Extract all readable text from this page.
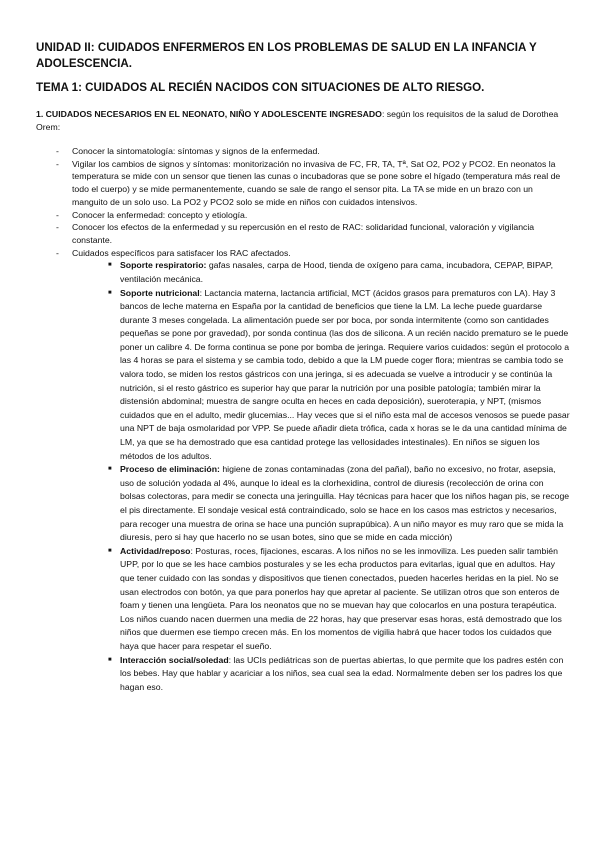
UNIDAD II: CUIDADOS ENFERMEROS EN LOS PROBLEMAS DE SALUD EN LA INFANCIA Y ADOLESCENCIA.
TEMA 1: CUIDADOS AL RECIÉN NACIDOS CON SITUACIONES DE ALTO RIESGO.

1. CUIDADOS NECESARIOS EN EL NEONATO, NIÑO Y ADOLESCENTE INGRESADO: según los requisitos de la salud de Dorothea Orem:

- Conocer la sintomatología: síntomas y signos de la enfermedad.
- Vigilar los cambios de signos y síntomas: monitorización no invasiva de FC, FR, TA, Tª, Sat O2, PO2 y PCO2. En neonatos la temperatura se mide con un sensor que tienen las cunas o incubadoras que se pone sobre el hígado (temperatura más real de todo el cuerpo) y se mide permanentemente, cuando se sale de rango el sensor pita. La TA se mide en un brazo con un manguito de un solo uso. La PO2 y PCO2 solo se mide en niños con cuidados intensivos.
- Conocer la enfermedad: concepto y etiología.
- Conocer los efectos de la enfermedad y su repercusión en el resto de RAC: solidaridad funcional, valoración y vigilancia constante.
- Cuidados específicos para satisfacer los RAC afectados.
■ Soporte respiratorio: gafas nasales, carpa de Hood, tienda de oxígeno para cama, incubadora, CEPAP, BIPAP, ventilación mecánica.
■ Soporte nutricional: Lactancia materna, lactancia artificial, MCT (ácidos grasos para prematuros con LA). Hay 3 bancos de leche materna en España por la cantidad de beneficios que tiene la LM. La leche puede guardarse durante 3 meses congelada. La alimentación puede ser por boca, por sonda intermitente (como son cantidades pequeñas se pone por gravedad), por sonda continua (las dos de silicona. A un recién nacido prematuro se le puede poner un calibre 4. De forma continua se pone por bomba de jeringa. Requiere varios cuidados: según el protocolo a las 4 horas se para el sistema y se cambia todo, debido a que la LM puede coger flora; mientras se cambia todo se valora todo, se miden los restos gástricos con una jeringa, si es adecuada se vuelve a introducir y se continúa la nutrición, si el resto gástrico es superior hay que parar la nutrición por una posible patología; también mirar la distensión abdominal; muestra de sangre oculta en heces en cada deposición), sueroterapia, y NPT, (mismos cuidados que en el adulto, medir glucemias... Hay veces que si el niño esta mal de accesos venosos se puede pasar una NPT de baja osmolaridad por VPP. Se puede añadir dieta trófica, cada x horas se le da una cantidad mínima de LM, ya que se ha demostrado que esa cantidad protege las vellosidades intestinales). En niños se siguen los métodos de los adultos.
■ Proceso de eliminación: higiene de zonas contaminadas (zona del pañal), baño no excesivo, no frotar, asepsia, uso de solución yodada al 4%, aunque lo ideal es la clorhexidina, control de diuresis (recolección de orina con bolsas colectoras, para medir se conecta una jeringuilla. Hay técnicas para hacer que los niños hagan pis, se recoge el pis directamente. El sondaje vesical está contraindicado, solo se hace en los casos mas estrictos y necesarios, para recoger una muestra de orina se hace una punción suprapúbica). A un niño mayor es muy raro que se mida la diuresis, pero si hay que hacerlo no se usan botes, sino que se mide en cada micción)
■ Actividad/reposo: Posturas, roces, fijaciones, escaras. A los niños no se les inmoviliza. Les pueden salir también UPP, por lo que se les hace cambios posturales y se les echa productos para evitarlas, igual que en adultos. Hay que tener cuidado con las sondas y dispositivos que tienen conectados, pueden hacerles heridas en la piel. No se usan electrodos con botón, ya que para ponerlos hay que apretar al paciente. Se utilizan otros que son enteros de foam y tienen una lengüeta. Para los neonatos que no se muevan hay que colocarlos en una postura terapéutica. Los niños cuando nacen duermen una media de 22 horas, hay que preservar esas horas, está demostrado que los niños que duermen ese tiempo crecen más. En los momentos de vigilia habrá que hacer todos los cuidados que haya que hacer para respetar el sueño.
■ Interacción social/soledad: las UCIs pediátricas son de puertas abiertas, lo que permite que los padres estén con los bebes. Hay que hablar y acariciar a los niños, sea cual sea la edad. Normalmente deben ser los padres los que hagan eso.
